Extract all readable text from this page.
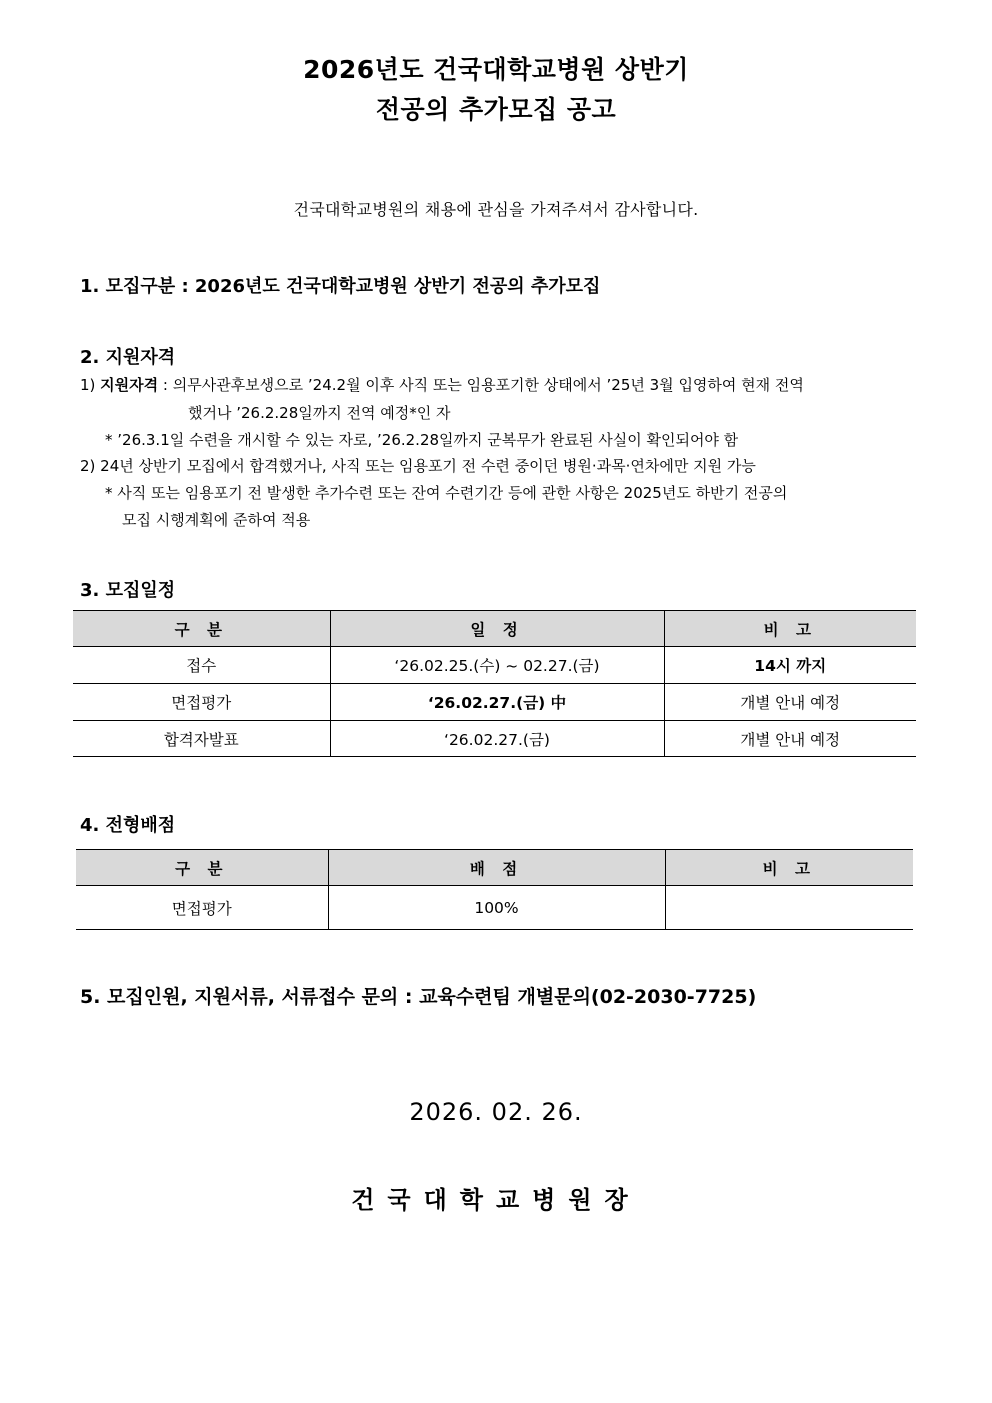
2026년도 건국대학교병원 상반기
전공의 추가모집 공고
건국대학교병원의 채용에 관심을 가져주셔서 감사합니다.
1. 모집구분 : 2026년도 건국대학교병원 상반기 전공의 추가모집
2. 지원자격
1) 지원자격 : 의무사관후보생으로 ’24.2월 이후 사직 또는 임용포기한 상태에서 ’25년 3월 입영하여 현재 전역
했거나 ’26.2.28일까지 전역 예정*인 자
* ’26.3.1일 수련을 개시할 수 있는 자로, ’26.2.28일까지 군복무가 완료된 사실이 확인되어야 함
2) 24년 상반기 모집에서 합격했거나, 사직 또는 임용포기 전 수련 중이던 병원·과목·연차에만 지원 가능
* 사직 또는 임용포기 전 발생한 추가수련 또는 잔여 수련기간 등에 관한 사항은 2025년도 하반기 전공의
모집 시행계획에 준하여 적용
3. 모집일정
구 분	일 정	비 고
접수	‘26.02.25.(수) ~ 02.27.(금)	14시 까지
면접평가	‘26.02.27.(금) 中	개별 안내 예정
합격자발표	‘26.02.27.(금)	개별 안내 예정
4. 전형배점
구 분	배 점	비 고
면접평가	100%	
5. 모집인원, 지원서류, 서류접수 문의 : 교육수련팀 개별문의(02-2030-7725)
2026. 02. 26.
건국대학교병원장
